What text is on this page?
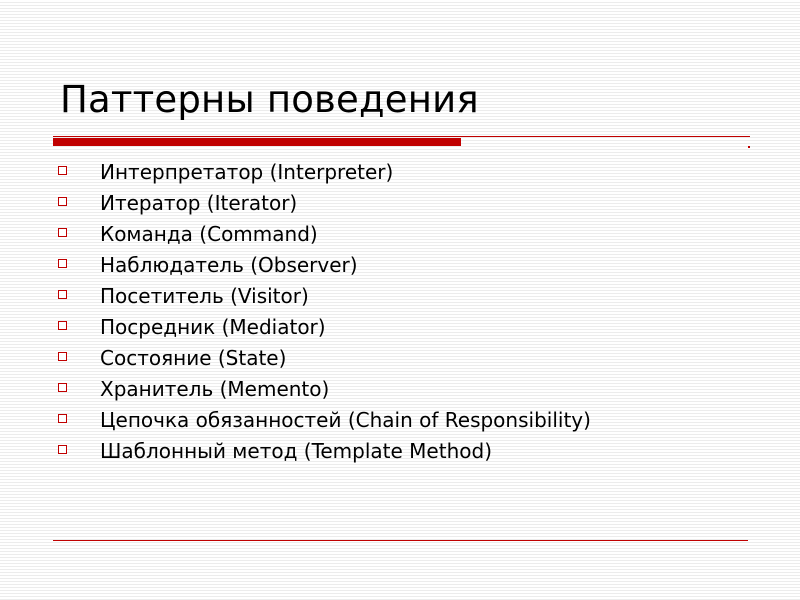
Паттерны поведения
Интерпретатор (Interpreter)
Итератор (Iterator)
Команда (Command)
Наблюдатель (Observer)
Посетитель (Visitor)
Посредник (Mediator)
Состояние (State)
Хранитель (Memento)
Цепочка обязанностей (Chain of Responsibility)
Шаблонный метод (Template Method)
